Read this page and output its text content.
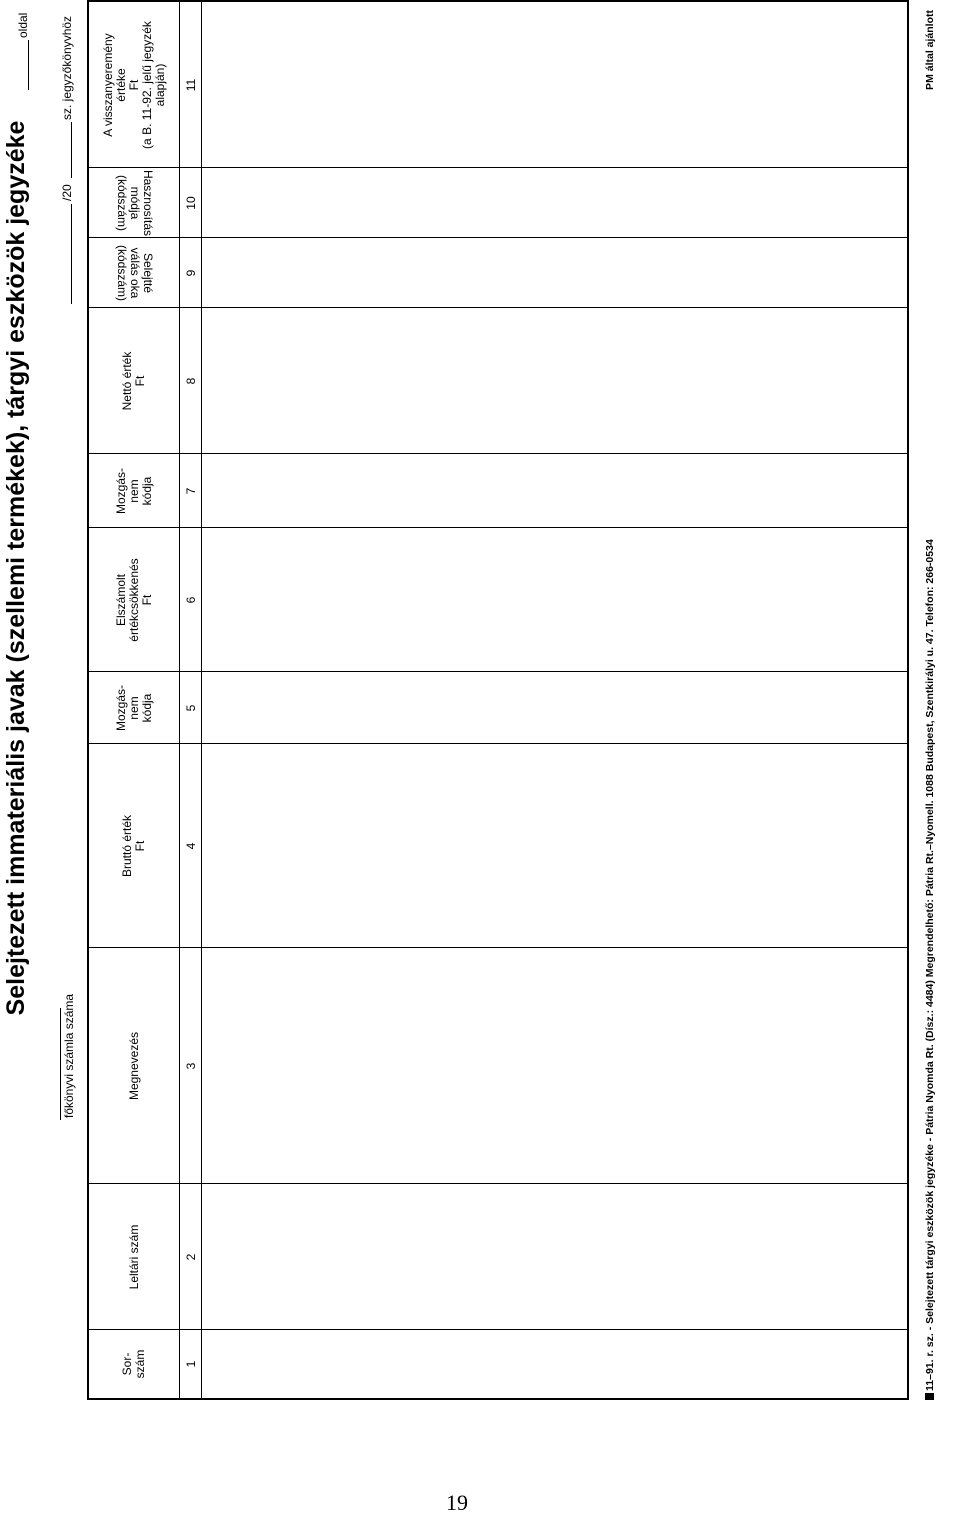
Selejtezett immateriális javak (szellemi termékek), tárgyi eszközök jegyzéke
főkönyvi számla száma
/20
sz. jegyzőkönyvhöz
oldal
Sor-
szám
Leltári szám
Megnevezés
Bruttó érték
Ft
Mozgás-
nem
kódja
Elszámolt
értékcsökkenés
Ft
Mozgás-
nem
kódja
Nettó érték
Ft
Selejtté
válás oka
(kódszám)
Hasznosítás
módja
(kódszám)
A visszanyeremény
értéke
Ft
(a B. 11-92. jelű jegyzék
alapján)
1
2
3
4
5
6
7
8
9
10
11
11–91. r. sz. - Selejtezett tárgyi eszközök jegyzéke - Pátria Nyomda Rt. (Dísz.: 4484) Megrendelhető: Pátria Rt.–Nyomell. 1088 Budapest, Szentkirályi u. 47. Telefon: 266-0534
PM által ajánlott
19
